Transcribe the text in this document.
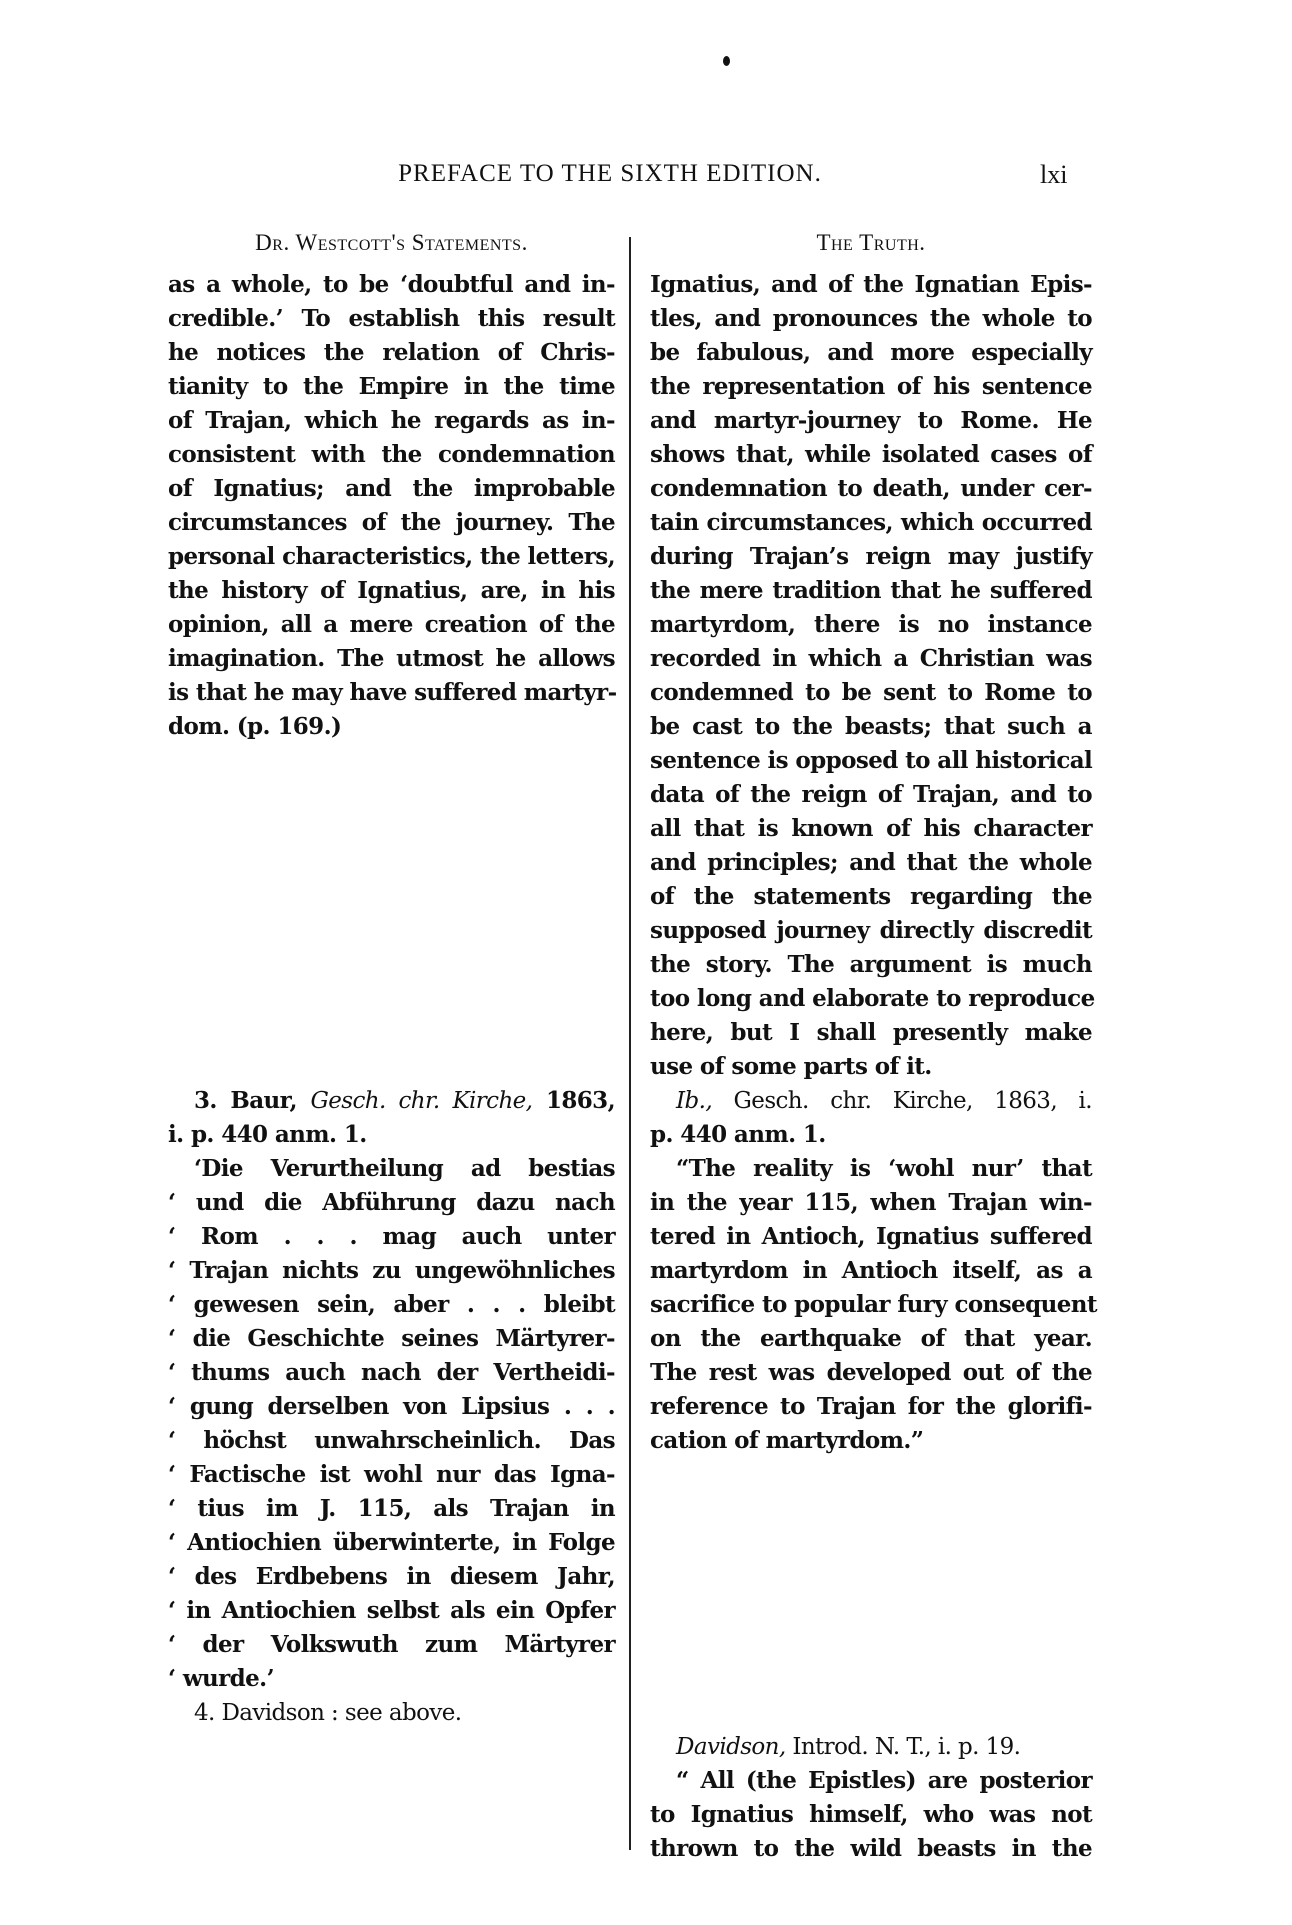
PREFACE TO THE SIXTH EDITION.	lxi
Dr. Westcott's Statements.	The Truth.
as a whole, to be ‘doubtful and in-
credible.’ To establish this result
he notices the relation of Chris-
tianity to the Empire in the time
of Trajan, which he regards as in-
consistent with the condemnation
of Ignatius; and the improbable
circumstances of the journey. The
personal characteristics, the letters,
the history of Ignatius, are, in his
opinion, all a mere creation of the
imagination. The utmost he allows
is that he may have suffered martyr-
dom. (p. 169.)
3. Baur, Gesch. chr. Kirche, 1863,
i. p. 440 anm. 1.
‘Die Verurtheilung ad bestias
‘ und die Abführung dazu nach
‘ Rom . . . mag auch unter
‘ Trajan nichts zu ungewöhnliches
‘ gewesen sein, aber . . . bleibt
‘ die Geschichte seines Märtyrer-
‘ thums auch nach der Vertheidi-
‘ gung derselben von Lipsius . . .
‘ höchst unwahrscheinlich. Das
‘ Factische ist wohl nur das Igna-
‘ tius im J. 115, als Trajan in
‘ Antiochien überwinterte, in Folge
‘ des Erdbebens in diesem Jahr,
‘ in Antiochien selbst als ein Opfer
‘ der Volkswuth zum Märtyrer
‘ wurde.’
4. Davidson : see above.
Ignatius, and of the Ignatian Epis-
tles, and pronounces the whole to
be fabulous, and more especially
the representation of his sentence
and martyr-journey to Rome. He
shows that, while isolated cases of
condemnation to death, under cer-
tain circumstances, which occurred
during Trajan’s reign may justify
the mere tradition that he suffered
martyrdom, there is no instance
recorded in which a Christian was
condemned to be sent to Rome to
be cast to the beasts; that such a
sentence is opposed to all historical
data of the reign of Trajan, and to
all that is known of his character
and principles; and that the whole
of the statements regarding the
supposed journey directly discredit
the story. The argument is much
too long and elaborate to reproduce
here, but I shall presently make
use of some parts of it.
Ib., Gesch. chr. Kirche, 1863, i.
p. 440 anm. 1.
“The reality is ‘wohl nur’ that
in the year 115, when Trajan win-
tered in Antioch, Ignatius suffered
martyrdom in Antioch itself, as a
sacrifice to popular fury consequent
on the earthquake of that year.
The rest was developed out of the
reference to Trajan for the glorifi-
cation of martyrdom.”
Davidson, Introd. N. T., i. p. 19.
“ All (the Epistles) are posterior
to Ignatius himself, who was not
thrown to the wild beasts in the
